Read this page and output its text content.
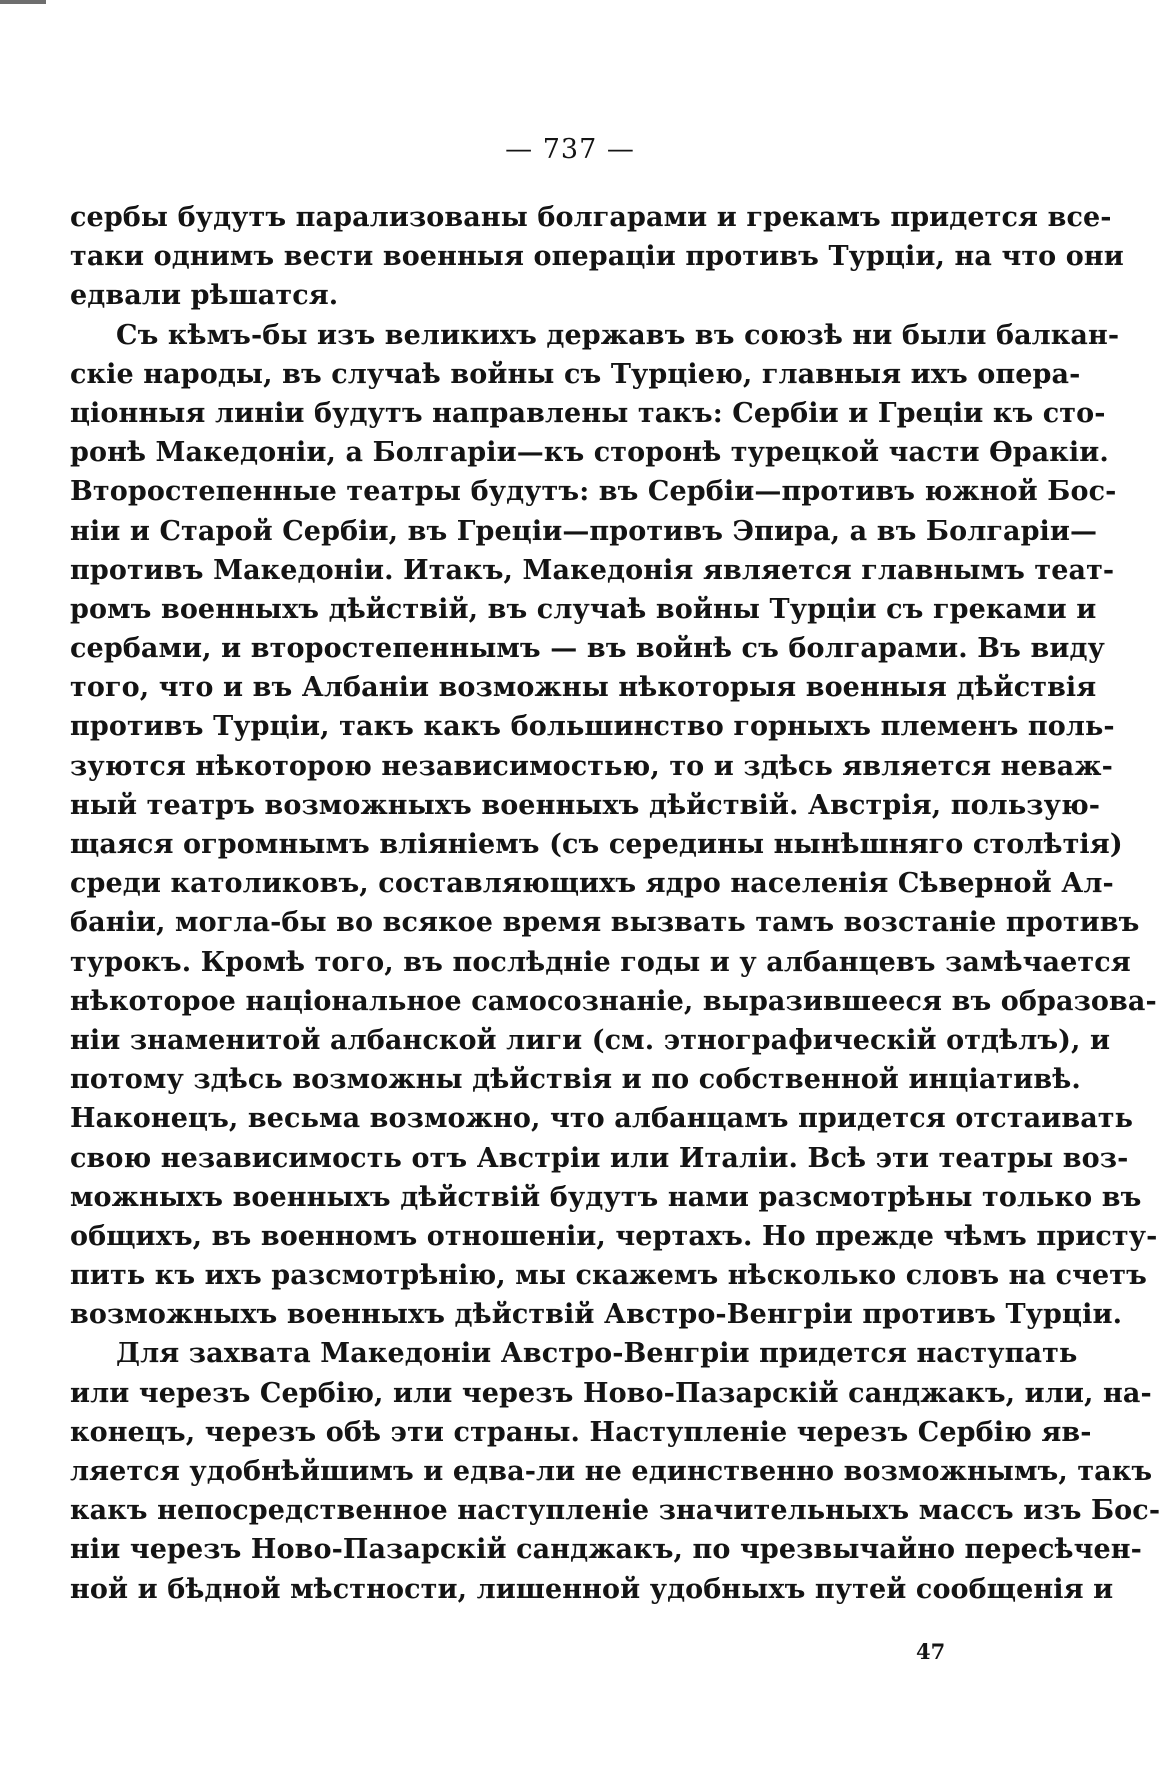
— 737 —
сербы будутъ парализованы болгарами и грекамъ придется все-
таки однимъ вести военныя операціи противъ Турціи, на что они
едвали рѣшатся.
Съ кѣмъ-бы изъ великихъ державъ въ союзѣ ни были балкан-
скіе народы, въ случаѣ войны съ Турціею, главныя ихъ опера-
ціонныя линіи будутъ направлены такъ: Сербіи и Греціи къ сто-
ронѣ Македоніи, а Болгаріи—къ сторонѣ турецкой части Ѳракіи.
Второстепенные театры будутъ: въ Сербіи—противъ южной Бос-
ніи и Старой Сербіи, въ Греціи—противъ Эпира, а въ Болгаріи—
противъ Македоніи. Итакъ, Македонія является главнымъ теат-
ромъ военныхъ дѣйствій, въ случаѣ войны Турціи съ греками и
сербами, и второстепеннымъ — въ войнѣ съ болгарами. Въ виду
того, что и въ Албаніи возможны нѣкоторыя военныя дѣйствія
противъ Турціи, такъ какъ большинство горныхъ племенъ поль-
зуются нѣкоторою независимостью, то и здѣсь является неваж-
ный театръ возможныхъ военныхъ дѣйствій. Австрія, пользую-
щаяся огромнымъ вліяніемъ (съ середины нынѣшняго столѣтія)
среди католиковъ, составляющихъ ядро населенія Сѣверной Ал-
баніи, могла-бы во всякое время вызвать тамъ возстаніе противъ
турокъ. Кромѣ того, въ послѣдніе годы и у албанцевъ замѣчается
нѣкоторое національное самосознаніе, выразившееся въ образова-
ніи знаменитой албанской лиги (см. этнографическій отдѣлъ), и
потому здѣсь возможны дѣйствія и по собственной инціативѣ.
Наконецъ, весьма возможно, что албанцамъ придется отстаивать
свою независимость отъ Австріи или Италіи. Всѣ эти театры воз-
можныхъ военныхъ дѣйствій будутъ нами разсмотрѣны только въ
общихъ, въ военномъ отношеніи, чертахъ. Но прежде чѣмъ присту-
пить къ ихъ разсмотрѣнію, мы скажемъ нѣсколько словъ на счетъ
возможныхъ военныхъ дѣйствій Австро-Венгріи противъ Турціи.
Для захвата Македоніи Австро-Венгріи придется наступать
или черезъ Сербію, или черезъ Ново-Пазарскій санджакъ, или, на-
конецъ, черезъ обѣ эти страны. Наступленіе черезъ Сербію яв-
ляется удобнѣйшимъ и едва-ли не единственно возможнымъ, такъ
какъ непосредственное наступленіе значительныхъ массъ изъ Бос-
ніи черезъ Ново-Пазарскій санджакъ, по чрезвычайно пересѣчен-
ной и бѣдной мѣстности, лишенной удобныхъ путей сообщенія и
47
